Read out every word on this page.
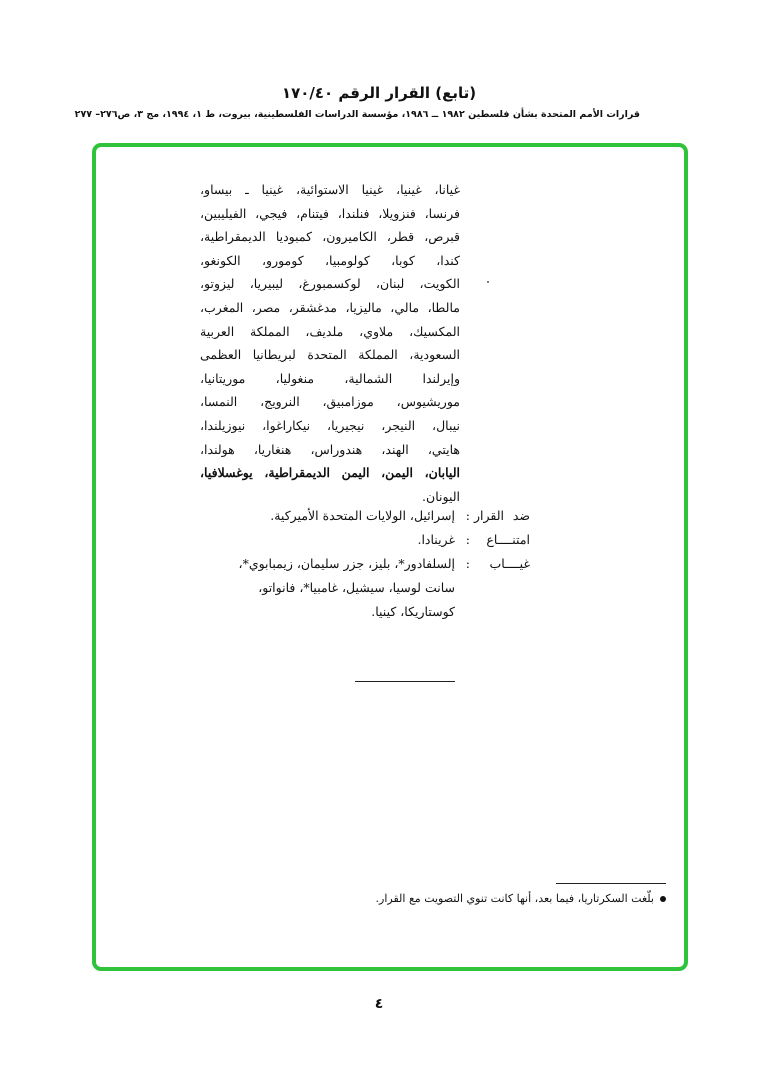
(تابع) القرار الرقم ١٧٠/٤٠
قرارات الأمم المتحدة بشأن فلسطين ١٩٨٢ ــ ١٩٨٦، مؤسسة الدراسات الفلسطينية، بيروت، ط ١، ١٩٩٤، مج ٣، ص٢٧٦– ٢٧٧
غيانا، غينيا، غينيا الاستوائية، غينيا ـ بيساو،
فرنسا، فنزويلا، فنلندا، فيتنام، فيجي، الفيليبين،
قبرص، قطر، الكاميرون، كمبوديا الديمقراطية،
كندا، كوبا، كولومبيا، كومورو، الكونغو،
الكويت، لبنان، لوكسمبورغ، ليبيريا، ليزوتو،
مالطا، مالي، ماليزيا، مدغشقر، مصر، المغرب،
المكسيك، ملاوي، ملديف، المملكة العربية
السعودية، المملكة المتحدة لبريطانيا العظمى
وإيرلندا الشمالية، منغوليا، موريتانيا،
موريشيوس، موزامبيق، النرويج، النمسا،
نيبال، النيجر، نيجيريا، نيكاراغوا، نيوزيلندا،
هايتي، الهند، هندوراس، هنغاريا، هولندا،
اليابان، اليمن، اليمن الديمقراطية، يوغسلافيا،
اليونان.
ضد القرار
:
إسرائيل، الولايات المتحدة الأميركية.
امتنــــاع
:
غرينادا.
غيــــاب
:
إلسلفادور*، بليز، جزر سليمان، زيمبابوي*،
سانت لوسيا، سيشيل، غامبيا*، فانواتو،
كوستاريكا، كينيا.
بلّغت السكرتاريا، فيما بعد، أنها كانت تنوي التصويت مع القرار.
٤
